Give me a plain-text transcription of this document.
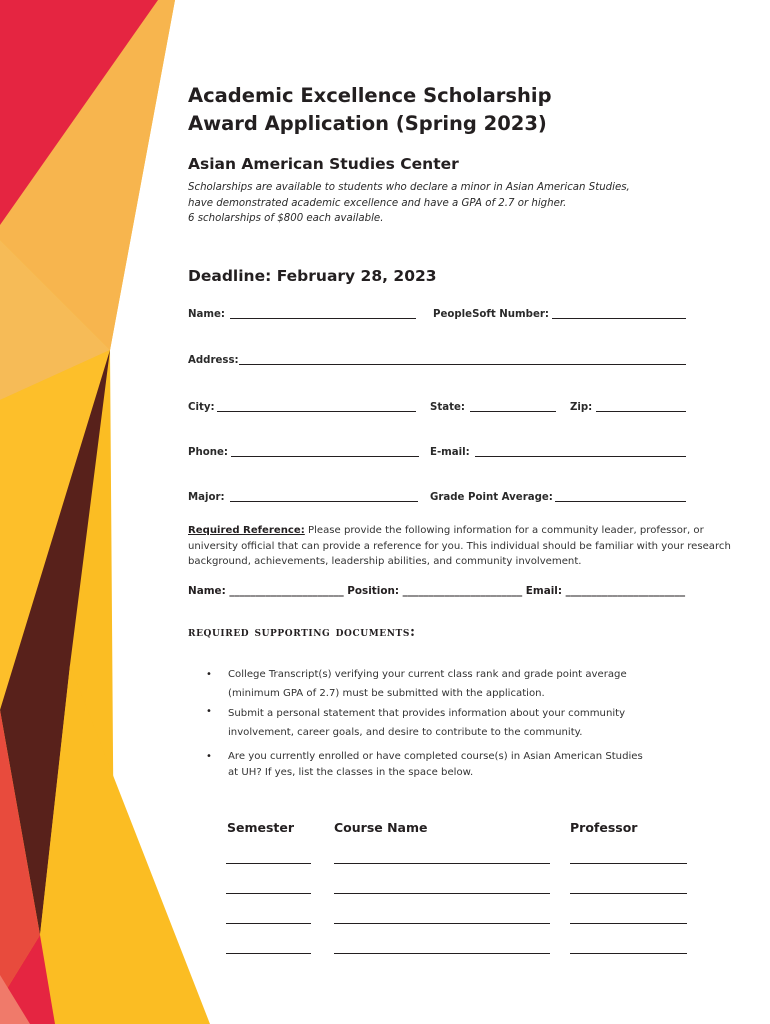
Academic Excellence Scholarship
Award Application (Spring 2023)
Asian American Studies Center
Scholarships are available to students who declare a minor in Asian American Studies,
have demonstrated academic excellence and have a GPA of 2.7 or higher.
6 scholarships of $800 each available.
Deadline: February 28, 2023
Name:	PeopleSoft Number:
Address:
City:	State:	Zip:
Phone:	E-mail:
Major:	Grade Point Average:
Required Reference: Please provide the following information for a community leader, professor, or
university official that can provide a reference for you. This individual should be familiar with your research
background, achievements, leadership abilities, and community involvement.
Name: ______________________ Position: _______________________ Email: _______________________
required supporting documents:
• College Transcript(s) verifying your current class rank and grade point average
(minimum GPA of 2.7) must be submitted with the application.
• Submit a personal statement that provides information about your community
involvement, career goals, and desire to contribute to the community.
• Are you currently enrolled or have completed course(s) in Asian American Studies
at UH? If yes, list the classes in the space below.
Semester	Course Name	Professor
